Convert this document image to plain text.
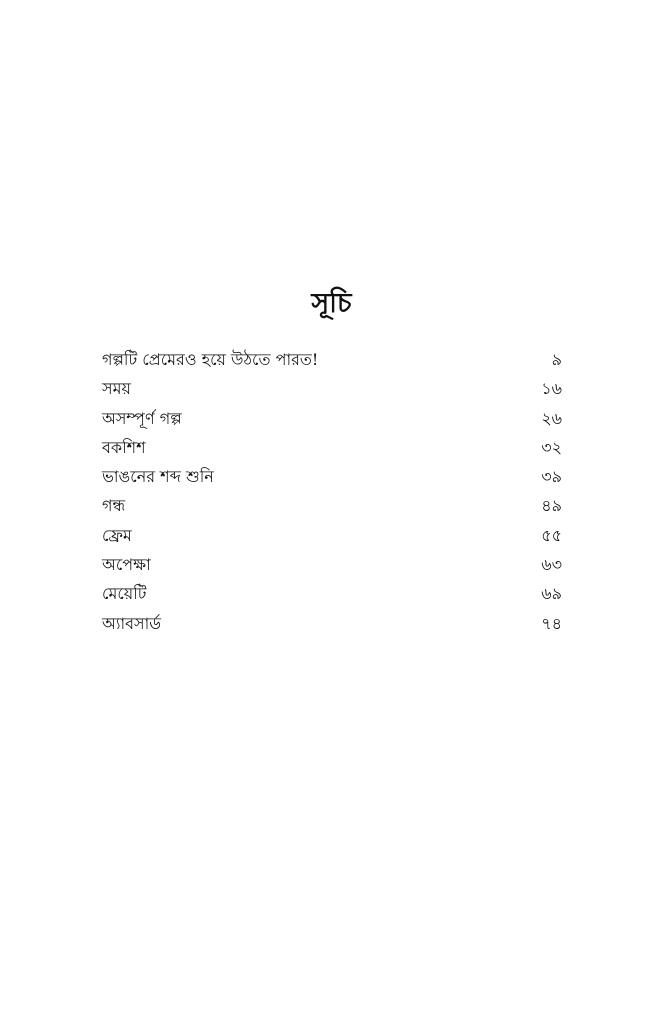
সূচি
গল্পটি প্রেমেরও হয়ে উঠতে পারত!	৯
সময়	১৬
অসম্পূর্ণ গল্প	২৬
বকশিশ	৩২
ভাঙনের শব্দ শুনি	৩৯
গন্ধ	৪৯
ফ্রেম	৫৫
অপেক্ষা	৬৩
মেয়েটি	৬৯
অ্যাবসার্ড	৭৪
